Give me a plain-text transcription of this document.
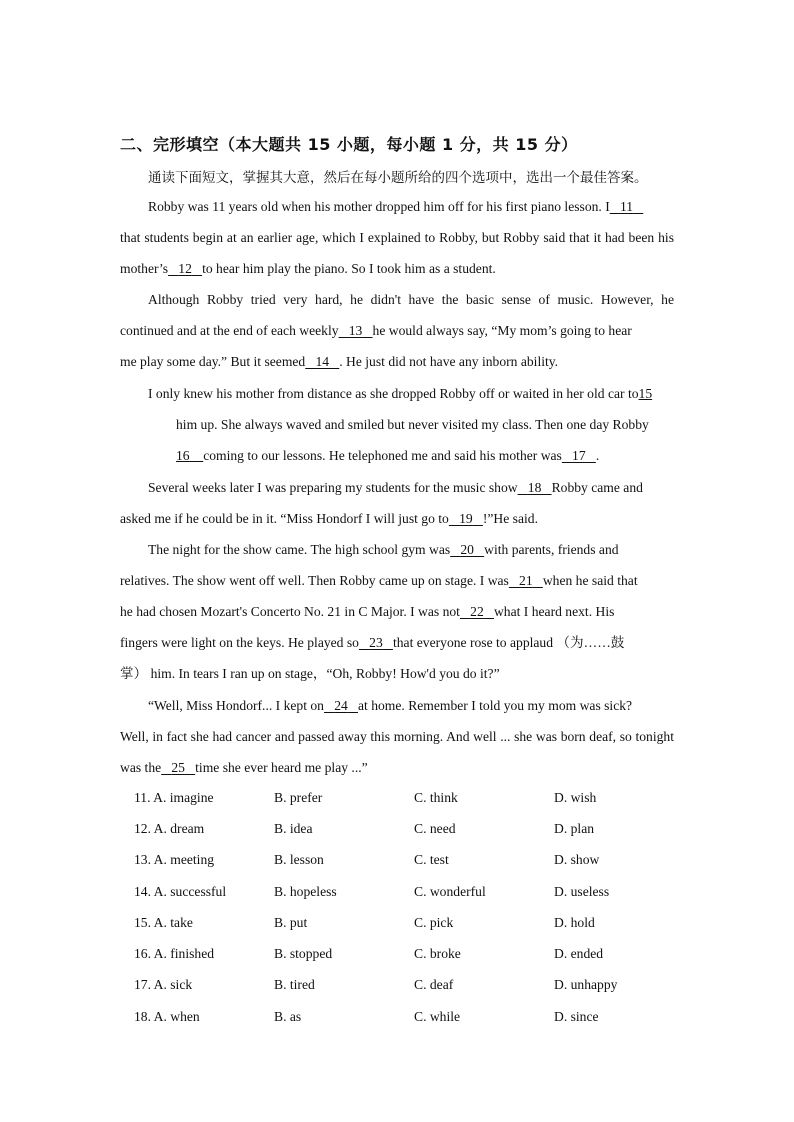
二、完形填空（本大题共 15 小题，每小题 1 分，共 15 分）
通读下面短文，掌握其大意，然后在每小题所给的四个选项中，选出一个最佳答案。
Robby was 11 years old when his mother dropped him off for his first piano lesson. I 11
that students begin at an earlier age, which I explained to Robby, but Robby said that it had been his
mother’s 12 to hear him play the piano. So I took him as a student.
Although Robby tried very hard, he didn't have the basic sense of music. However, he
continued and at the end of each weekly 13 he would always say, “My mom’s going to hear
me play some day.” But it seemed 14 . He just did not have any inborn ability.
I only knew his mother from distance as she dropped Robby off or waited in her old car to15
him up. She always waved and smiled but never visited my class. Then one day Robby
16 coming to our lessons. He telephoned me and said his mother was 17 .
Several weeks later I was preparing my students for the music show 18 Robby came and
asked me if he could be in it. “Miss Hondorf I will just go to 19 !”He said.
The night for the show came. The high school gym was 20 with parents, friends and
relatives. The show went off well. Then Robby came up on stage. I was 21 when he said that
he had chosen Mozart's Concerto No. 21 in C Major. I was not 22 what I heard next. His
fingers were light on the keys. He played so 23 that everyone rose to applaud （为……鼓
掌） him. In tears I ran up on stage，“Oh, Robby! How'd you do it?”
“Well, Miss Hondorf... I kept on 24 at home. Remember I told you my mom was sick?
Well, in fact she had cancer and passed away this morning. And well ... she was born deaf, so tonight
was the 25 time she ever heard me play ...”
11. A. imagine	B. prefer	C. think	D. wish
12. A. dream	B. idea	C. need	D. plan
13. A. meeting	B. lesson	C. test	D. show
14. A. successful	B. hopeless	C. wonderful	D. useless
15. A. take	B. put	C. pick	D. hold
16. A. finished	B. stopped	C. broke	D. ended
17. A. sick	B. tired	C. deaf	D. unhappy
18. A. when	B. as	C. while	D. since
